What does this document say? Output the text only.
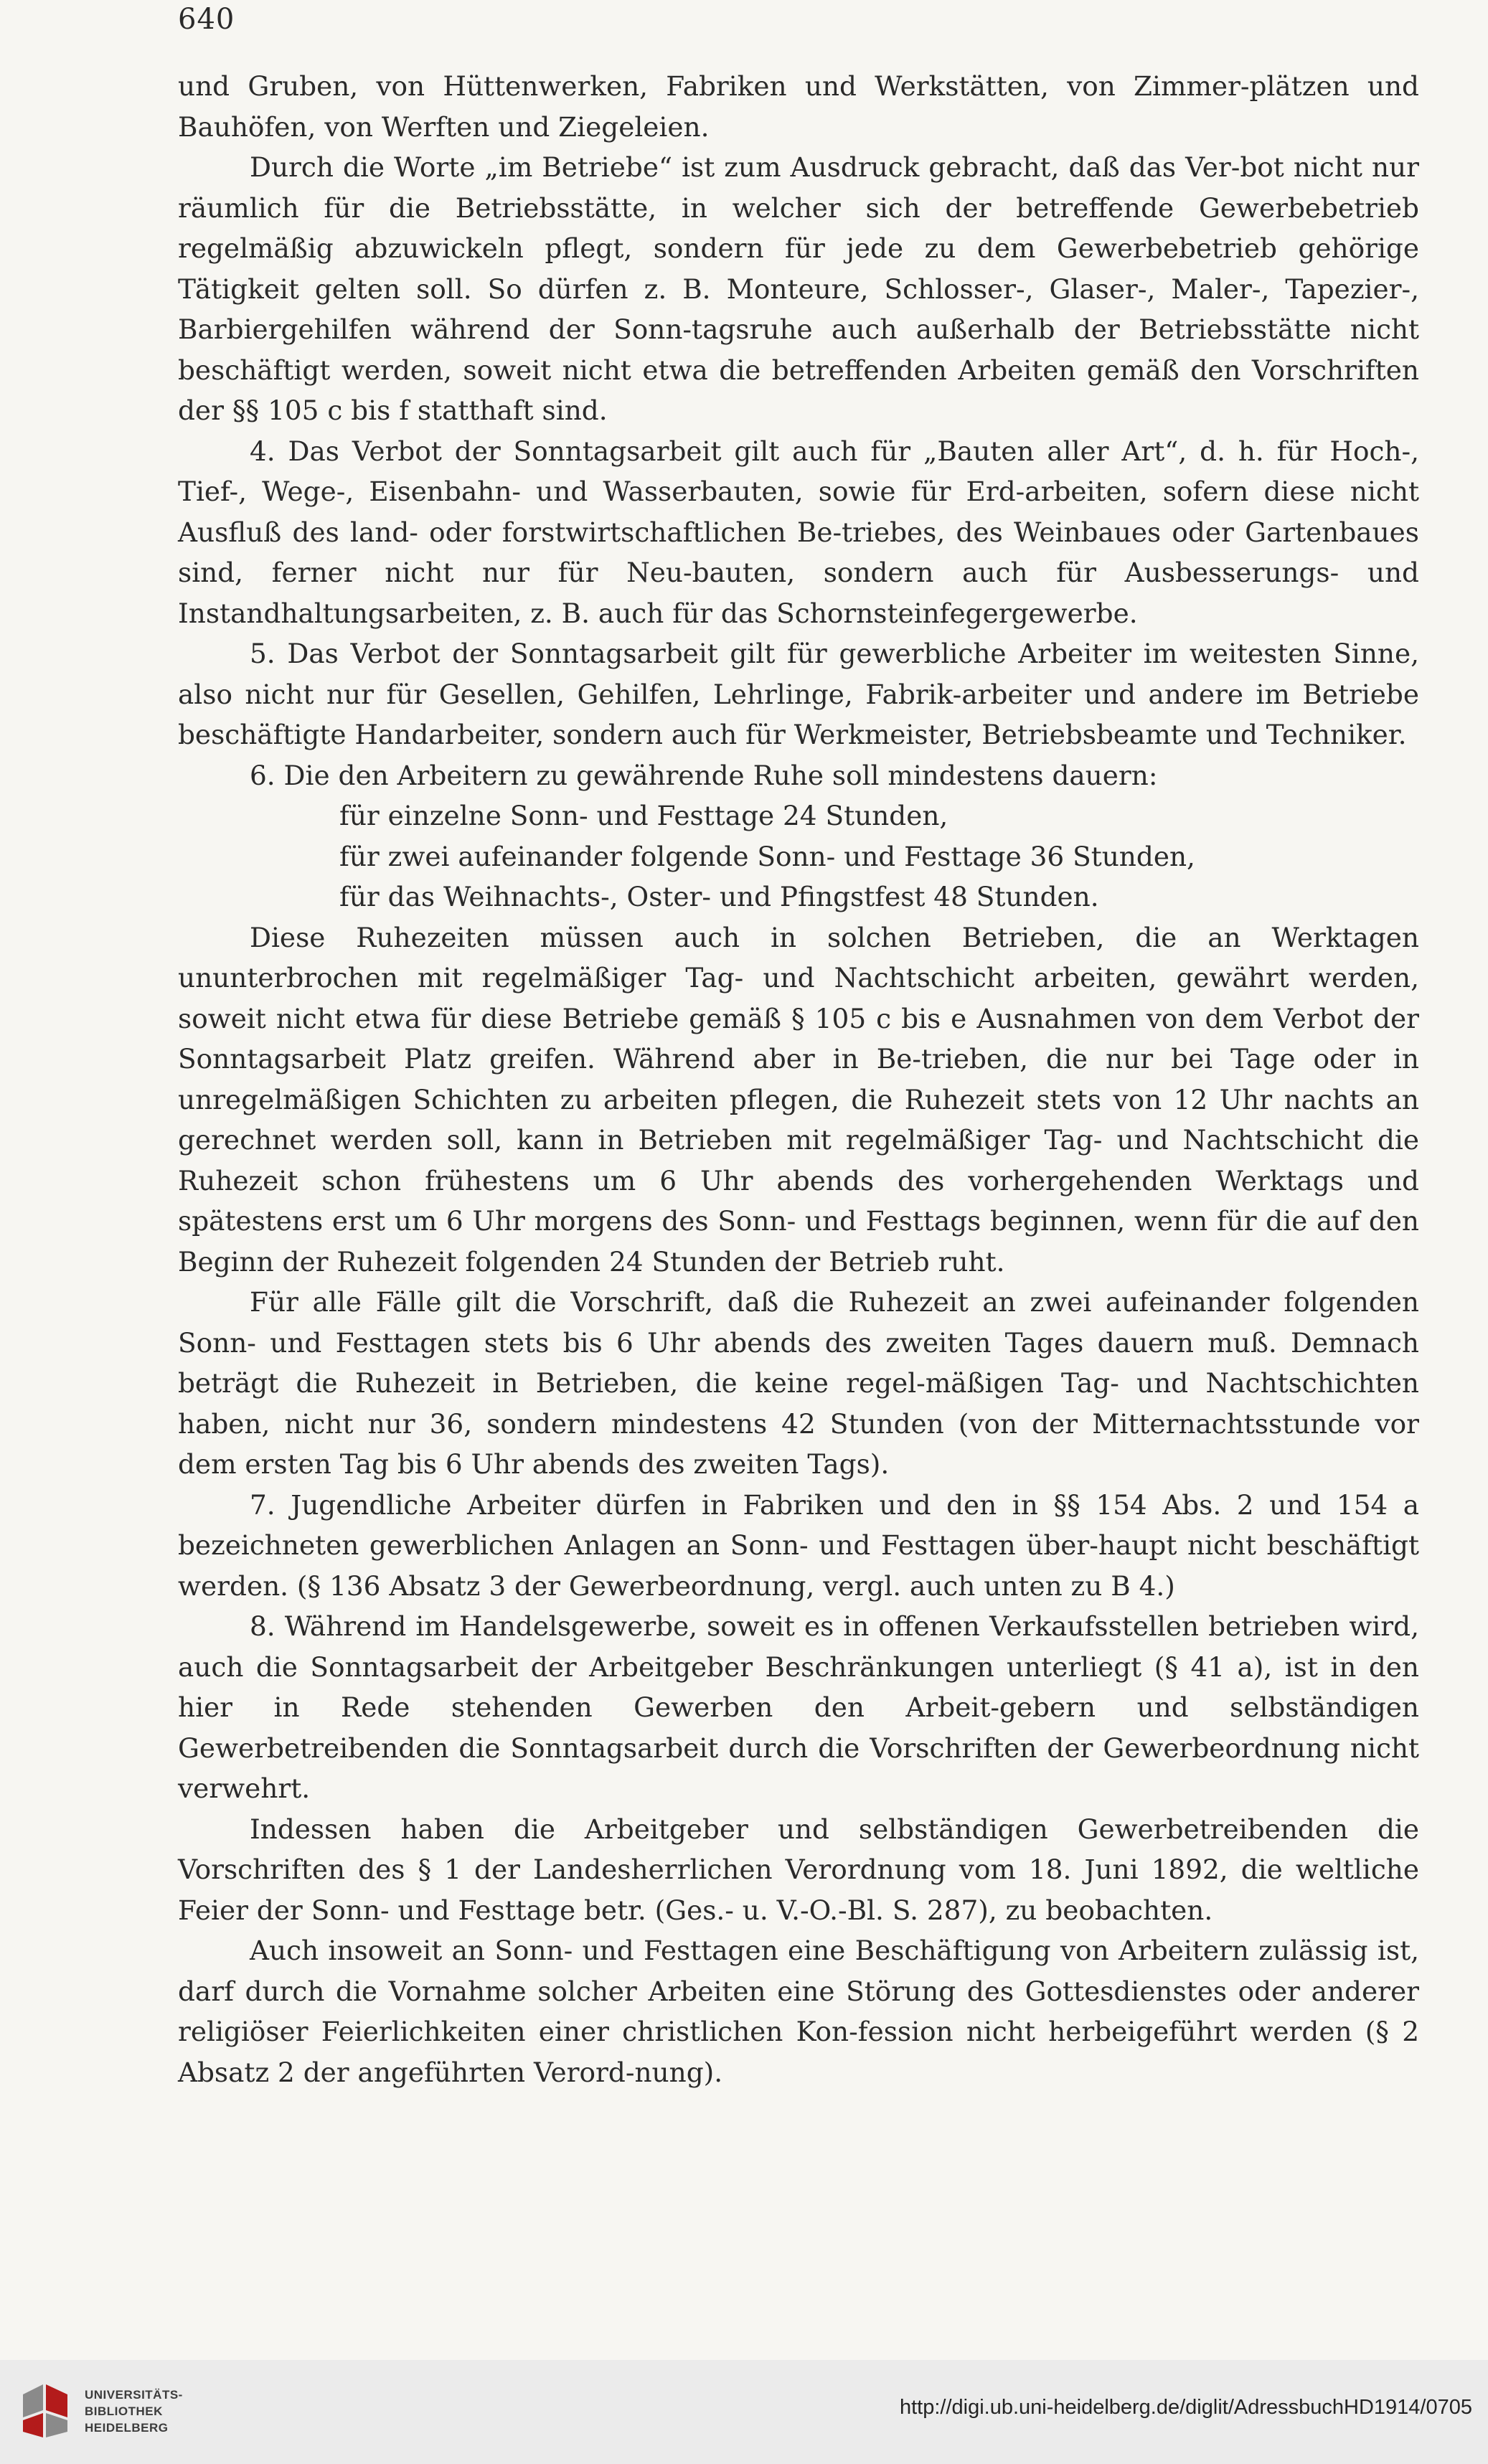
640

und Gruben, von Hüttenwerken, Fabriken und Werkstätten, von Zimmer-plätzen und Bauhöfen, von Werften und Ziegeleien.

Durch die Worte „im Betriebe“ ist zum Ausdruck gebracht, daß das Ver-bot nicht nur räumlich für die Betriebsstätte, in welcher sich der betreffende Gewerbebetrieb regelmäßig abzuwickeln pflegt, sondern für jede zu dem Gewerbebetrieb gehörige Tätigkeit gelten soll. So dürfen z. B. Monteure, Schlosser-, Glaser-, Maler-, Tapezier-, Barbiergehilfen während der Sonn-tagsruhe auch außerhalb der Betriebsstätte nicht beschäftigt werden, soweit nicht etwa die betreffenden Arbeiten gemäß den Vorschriften der §§ 105 c bis f statthaft sind.

4. Das Verbot der Sonntagsarbeit gilt auch für „Bauten aller Art“, d. h. für Hoch-, Tief-, Wege-, Eisenbahn- und Wasserbauten, sowie für Erd-arbeiten, sofern diese nicht Ausfluß des land- oder forstwirtschaftlichen Be-triebes, des Weinbaues oder Gartenbaues sind, ferner nicht nur für Neu-bauten, sondern auch für Ausbesserungs- und Instandhaltungsarbeiten, z. B. auch für das Schornsteinfegergewerbe.

5. Das Verbot der Sonntagsarbeit gilt für gewerbliche Arbeiter im weitesten Sinne, also nicht nur für Gesellen, Gehilfen, Lehrlinge, Fabrik-arbeiter und andere im Betriebe beschäftigte Handarbeiter, sondern auch für Werkmeister, Betriebsbeamte und Techniker.

6. Die den Arbeitern zu gewährende Ruhe soll mindestens dauern:

für einzelne Sonn- und Festtage 24 Stunden,

für zwei aufeinander folgende Sonn- und Festtage 36 Stunden,

für das Weihnachts-, Oster- und Pfingstfest 48 Stunden.

Diese Ruhezeiten müssen auch in solchen Betrieben, die an Werktagen ununterbrochen mit regelmäßiger Tag- und Nachtschicht arbeiten, gewährt werden, soweit nicht etwa für diese Betriebe gemäß § 105 c bis e Ausnahmen von dem Verbot der Sonntagsarbeit Platz greifen. Während aber in Be-trieben, die nur bei Tage oder in unregelmäßigen Schichten zu arbeiten pflegen, die Ruhezeit stets von 12 Uhr nachts an gerechnet werden soll, kann in Betrieben mit regelmäßiger Tag- und Nachtschicht die Ruhezeit schon frühestens um 6 Uhr abends des vorhergehenden Werktags und spätestens erst um 6 Uhr morgens des Sonn- und Festtags beginnen, wenn für die auf den Beginn der Ruhezeit folgenden 24 Stunden der Betrieb ruht.

Für alle Fälle gilt die Vorschrift, daß die Ruhezeit an zwei aufeinander folgenden Sonn- und Festtagen stets bis 6 Uhr abends des zweiten Tages dauern muß. Demnach beträgt die Ruhezeit in Betrieben, die keine regel-mäßigen Tag- und Nachtschichten haben, nicht nur 36, sondern mindestens 42 Stunden (von der Mitternachtsstunde vor dem ersten Tag bis 6 Uhr abends des zweiten Tags).

7. Jugendliche Arbeiter dürfen in Fabriken und den in §§ 154 Abs. 2 und 154 a bezeichneten gewerblichen Anlagen an Sonn- und Festtagen über-haupt nicht beschäftigt werden. (§ 136 Absatz 3 der Gewerbeordnung, vergl. auch unten zu B 4.)

8. Während im Handelsgewerbe, soweit es in offenen Verkaufsstellen betrieben wird, auch die Sonntagsarbeit der Arbeitgeber Beschränkungen unterliegt (§ 41 a), ist in den hier in Rede stehenden Gewerben den Arbeit-gebern und selbständigen Gewerbetreibenden die Sonntagsarbeit durch die Vorschriften der Gewerbeordnung nicht verwehrt.

Indessen haben die Arbeitgeber und selbständigen Gewerbetreibenden die Vorschriften des § 1 der Landesherrlichen Verordnung vom 18. Juni 1892, die weltliche Feier der Sonn- und Festtage betr. (Ges.- u. V.-O.-Bl. S. 287), zu beobachten.

Auch insoweit an Sonn- und Festtagen eine Beschäftigung von Arbeitern zulässig ist, darf durch die Vornahme solcher Arbeiten eine Störung des Gottesdienstes oder anderer religiöser Feierlichkeiten einer christlichen Kon-fession nicht herbeigeführt werden (§ 2 Absatz 2 der angeführten Verord-nung).

UNIVERSITÄTS-
BIBLIOTHEK
HEIDELBERG
http://digi.ub.uni-heidelberg.de/diglit/AdressbuchHD1914/0705
